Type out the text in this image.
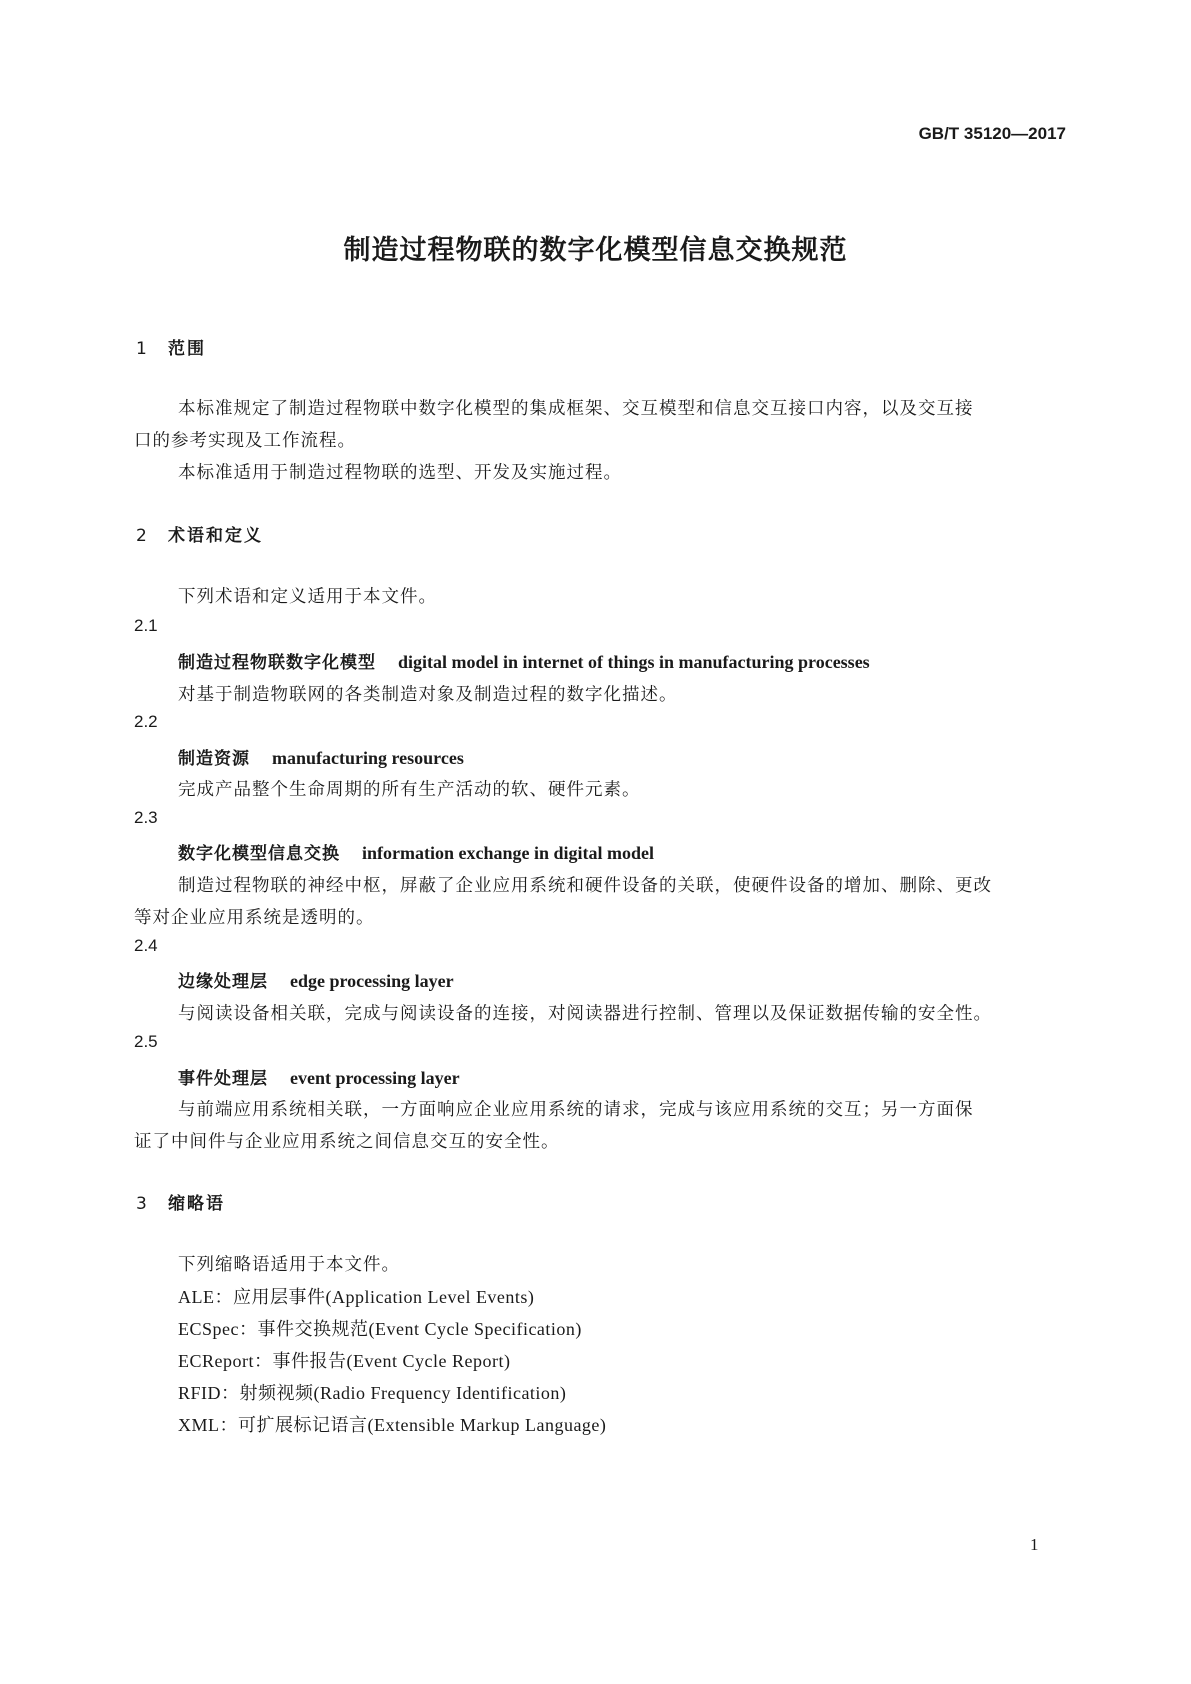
GB/T 35120—2017
制造过程物联的数字化模型信息交换规范
1 范围
本标准规定了制造过程物联中数字化模型的集成框架、交互模型和信息交互接口内容，以及交互接
口的参考实现及工作流程。
本标准适用于制造过程物联的选型、开发及实施过程。
2 术语和定义
下列术语和定义适用于本文件。
2.1
制造过程物联数字化模型 digital model in internet of things in manufacturing processes
对基于制造物联网的各类制造对象及制造过程的数字化描述。
2.2
制造资源 manufacturing resources
完成产品整个生命周期的所有生产活动的软、硬件元素。
2.3
数字化模型信息交换 information exchange in digital model
制造过程物联的神经中枢，屏蔽了企业应用系统和硬件设备的关联，使硬件设备的增加、删除、更改
等对企业应用系统是透明的。
2.4
边缘处理层 edge processing layer
与阅读设备相关联，完成与阅读设备的连接，对阅读器进行控制、管理以及保证数据传输的安全性。
2.5
事件处理层 event processing layer
与前端应用系统相关联，一方面响应企业应用系统的请求，完成与该应用系统的交互；另一方面保
证了中间件与企业应用系统之间信息交互的安全性。
3 缩略语
下列缩略语适用于本文件。
ALE：应用层事件(Application Level Events)
ECSpec：事件交换规范(Event Cycle Specification)
ECReport：事件报告(Event Cycle Report)
RFID：射频视频(Radio Frequency Identification)
XML：可扩展标记语言(Extensible Markup Language)
1
